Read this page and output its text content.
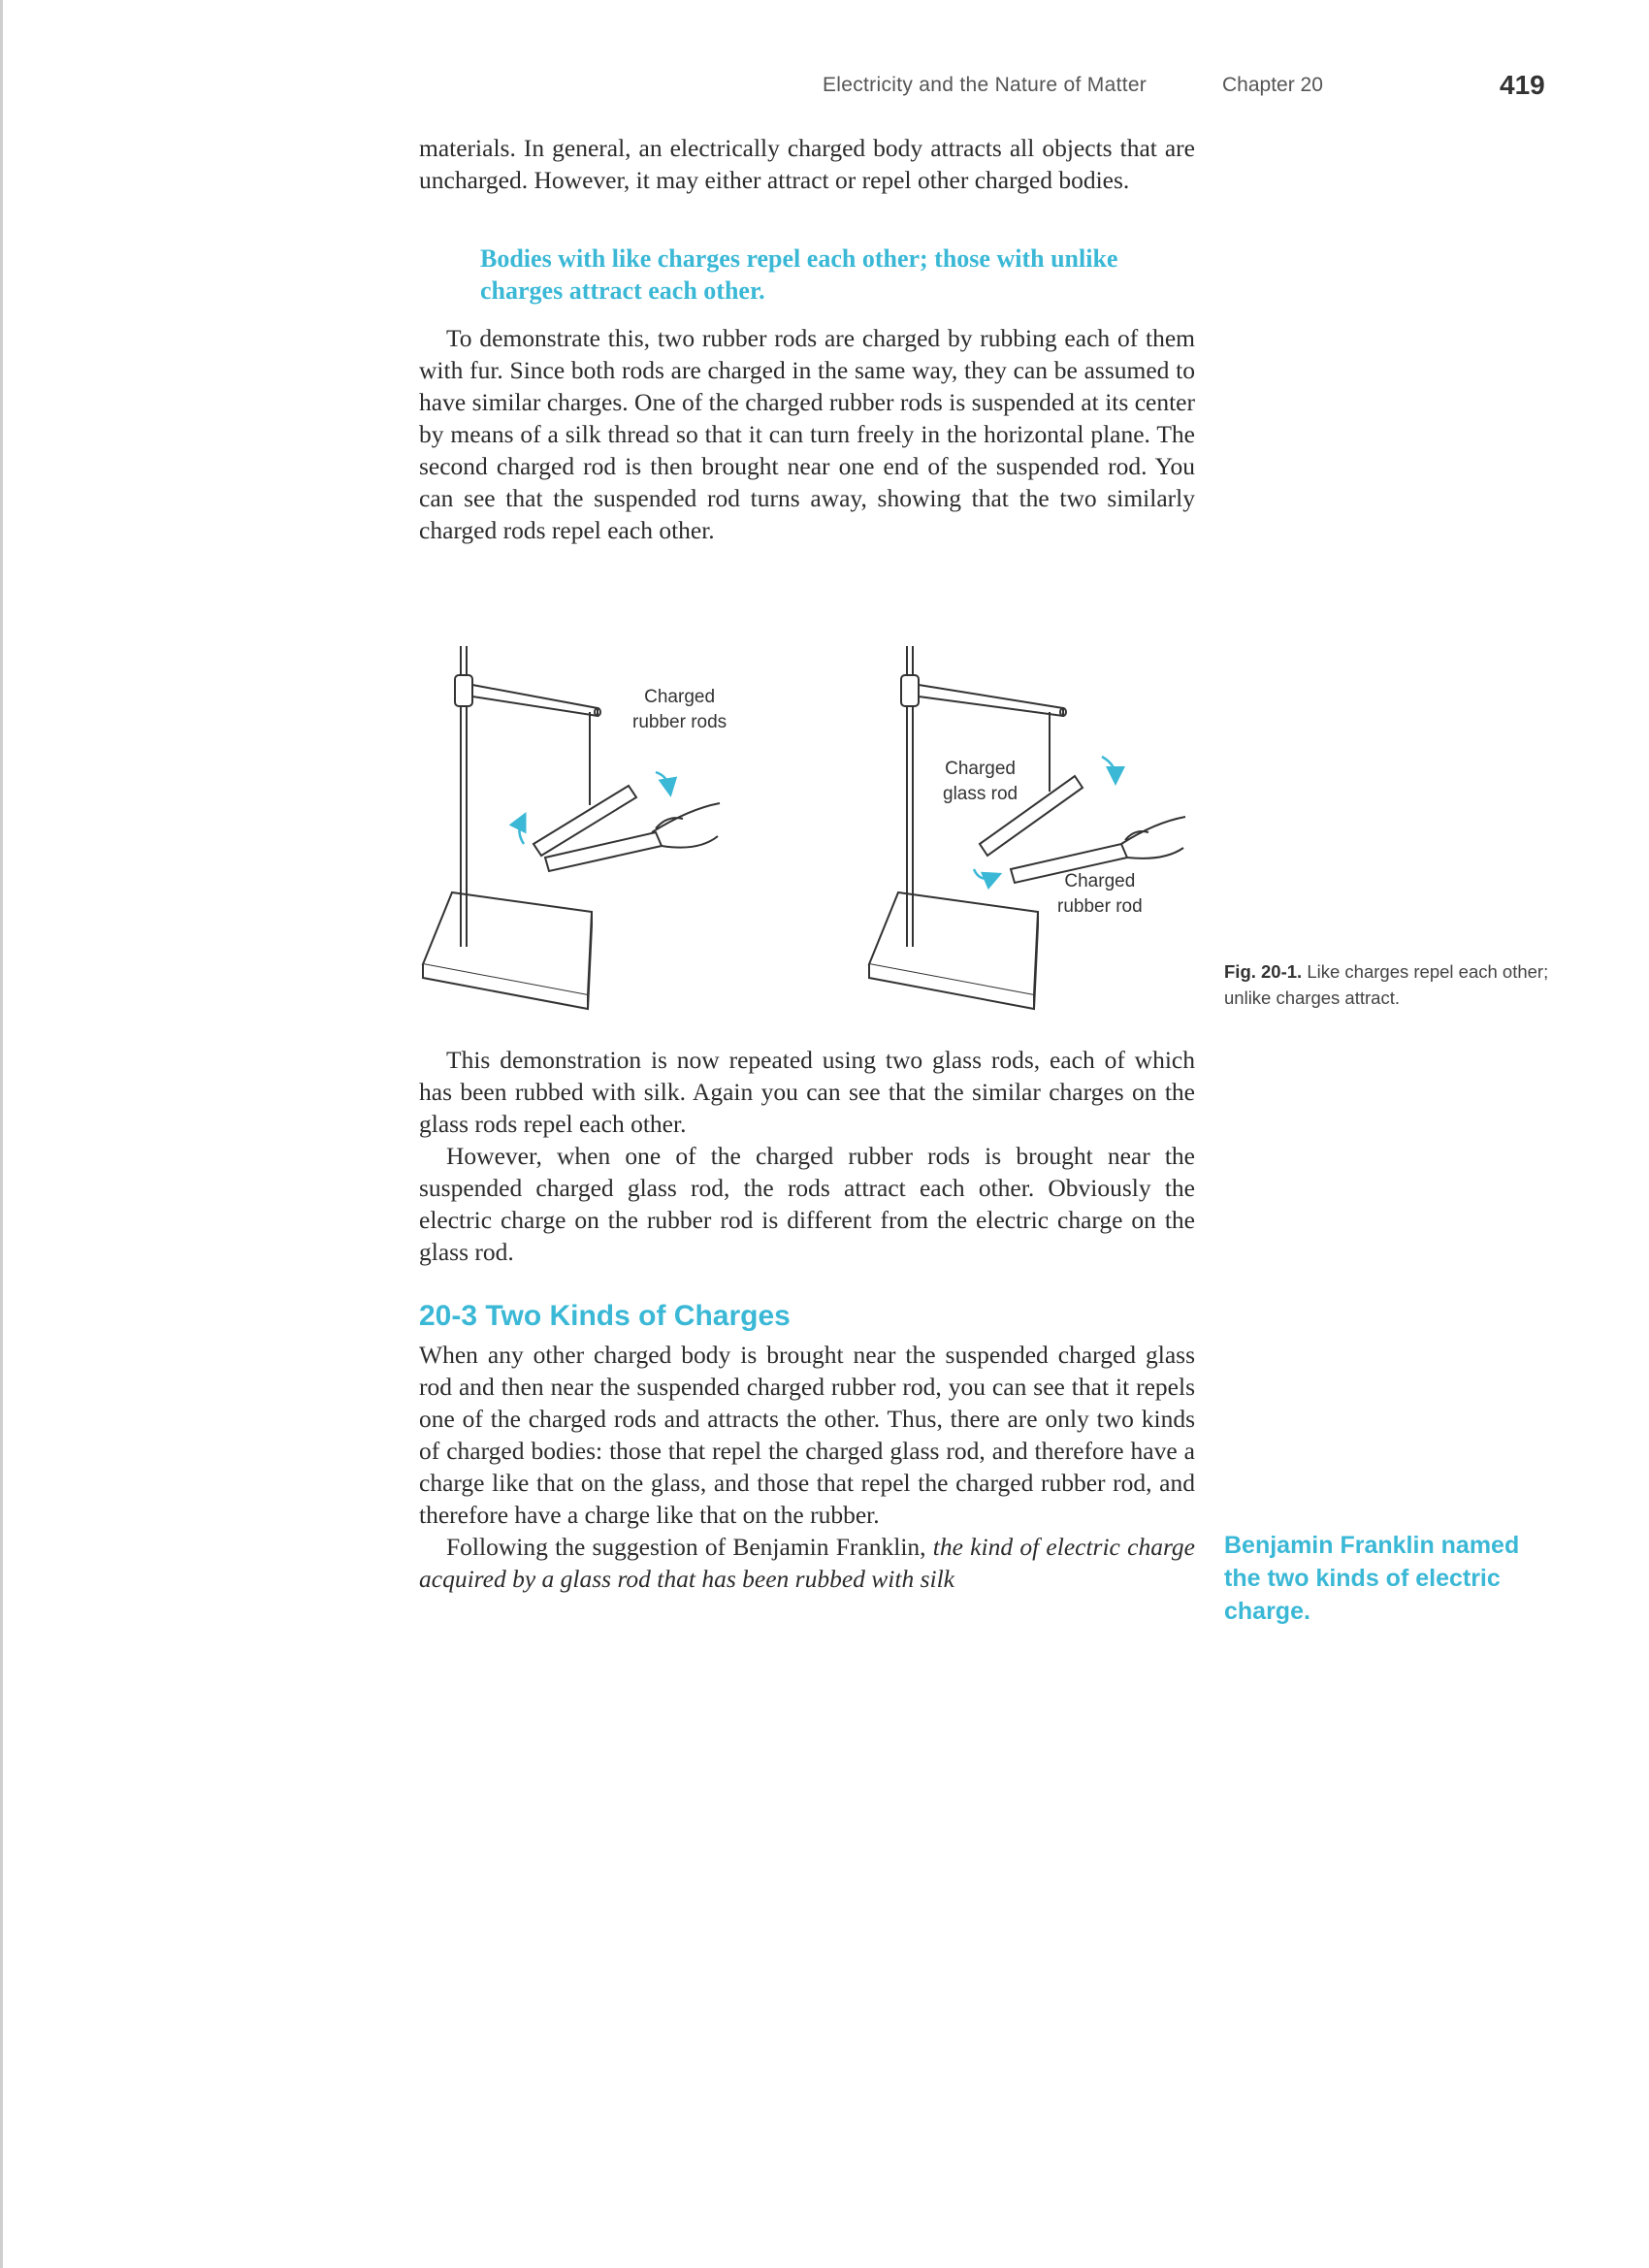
Electricity and the Nature of Matter	Chapter 20	419

materials. In general, an electrically charged body attracts all objects that are uncharged. However, it may either attract or repel other charged bodies.

Bodies with like charges repel each other; those with unlike charges attract each other.

To demonstrate this, two rubber rods are charged by rubbing each of them with fur. Since both rods are charged in the same way, they can be assumed to have similar charges. One of the charged rubber rods is suspended at its center by means of a silk thread so that it can turn freely in the horizontal plane. The second charged rod is then brought near one end of the suspended rod. You can see that the suspended rod turns away, showing that the two similarly charged rods repel each other.

Charged
rubber rods
Charged
glass rod
Charged
rubber rod
Fig. 20-1. Like charges repel each other; unlike charges attract.

This demonstration is now repeated using two glass rods, each of which has been rubbed with silk. Again you can see that the similar charges on the glass rods repel each other.

However, when one of the charged rubber rods is brought near the suspended charged glass rod, the rods attract each other. Obviously the electric charge on the rubber rod is different from the electric charge on the glass rod.

20-3 Two Kinds of Charges

When any other charged body is brought near the suspended charged glass rod and then near the suspended charged rubber rod, you can see that it repels one of the charged rods and attracts the other. Thus, there are only two kinds of charged bodies: those that repel the charged glass rod, and therefore have a charge like that on the glass, and those that repel the charged rubber rod, and therefore have a charge like that on the rubber.

Following the suggestion of Benjamin Franklin, the kind of electric charge acquired by a glass rod that has been rubbed with silk

Benjamin Franklin named the two kinds of electric charge.
